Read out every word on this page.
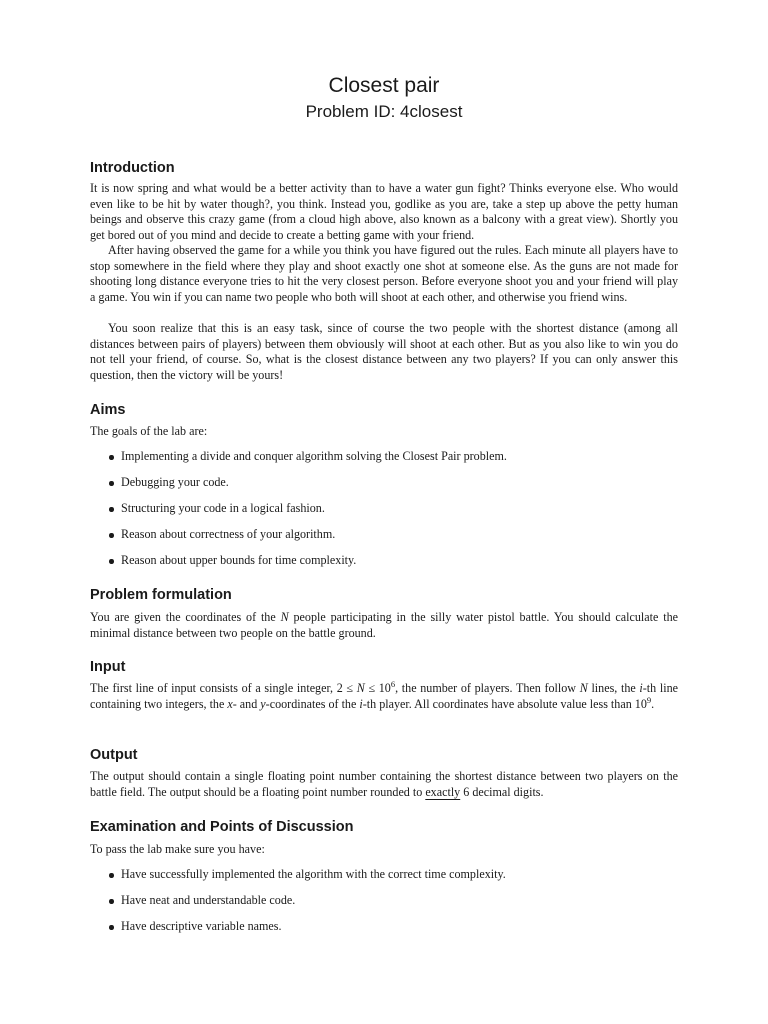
Closest pair
Problem ID: 4closest
Introduction

It is now spring and what would be a better activity than to have a water gun fight? Thinks everyone else. Who would even like to be hit by water though?, you think. Instead you, godlike as you are, take a step up above the petty human beings and observe this crazy game (from a cloud high above, also known as a balcony with a great view). Shortly you get bored out of you mind and decide to create a betting game with your friend.

After having observed the game for a while you think you have figured out the rules. Each minute all players have to stop somewhere in the field where they play and shoot exactly one shot at someone else. As the guns are not made for shooting long distance everyone tries to hit the very closest person. Before everyone shoot you and your friend will play a game. You win if you can name two people who both will shoot at each other, and otherwise you friend wins.

You soon realize that this is an easy task, since of course the two people with the shortest distance (among all distances between pairs of players) between them obviously will shoot at each other. But as you also like to win you do not tell your friend, of course. So, what is the closest distance between any two players? If you can only answer this question, then the victory will be yours!

Aims

The goals of the lab are:

Implementing a divide and conquer algorithm solving the Closest Pair problem.
Debugging your code.
Structuring your code in a logical fashion.
Reason about correctness of your algorithm.
Reason about upper bounds for time complexity.
Problem formulation

You are given the coordinates of the N people participating in the silly water pistol battle. You should calculate the minimal distance between two people on the battle ground.

Input

The first line of input consists of a single integer, $2 \le N \le 10^6$, the number of players. Then follow N lines, the i-th line containing two integers, the x- and y-coordinates of the i-th player. All coordinates have absolute value less than $10^9$.

Output

The output should contain a single floating point number containing the shortest distance between two players on the battle field. The output should be a floating point number rounded to exactly 6 decimal digits.

Examination and Points of Discussion

To pass the lab make sure you have:

Have successfully implemented the algorithm with the correct time complexity.
Have neat and understandable code.
Have descriptive variable names.
